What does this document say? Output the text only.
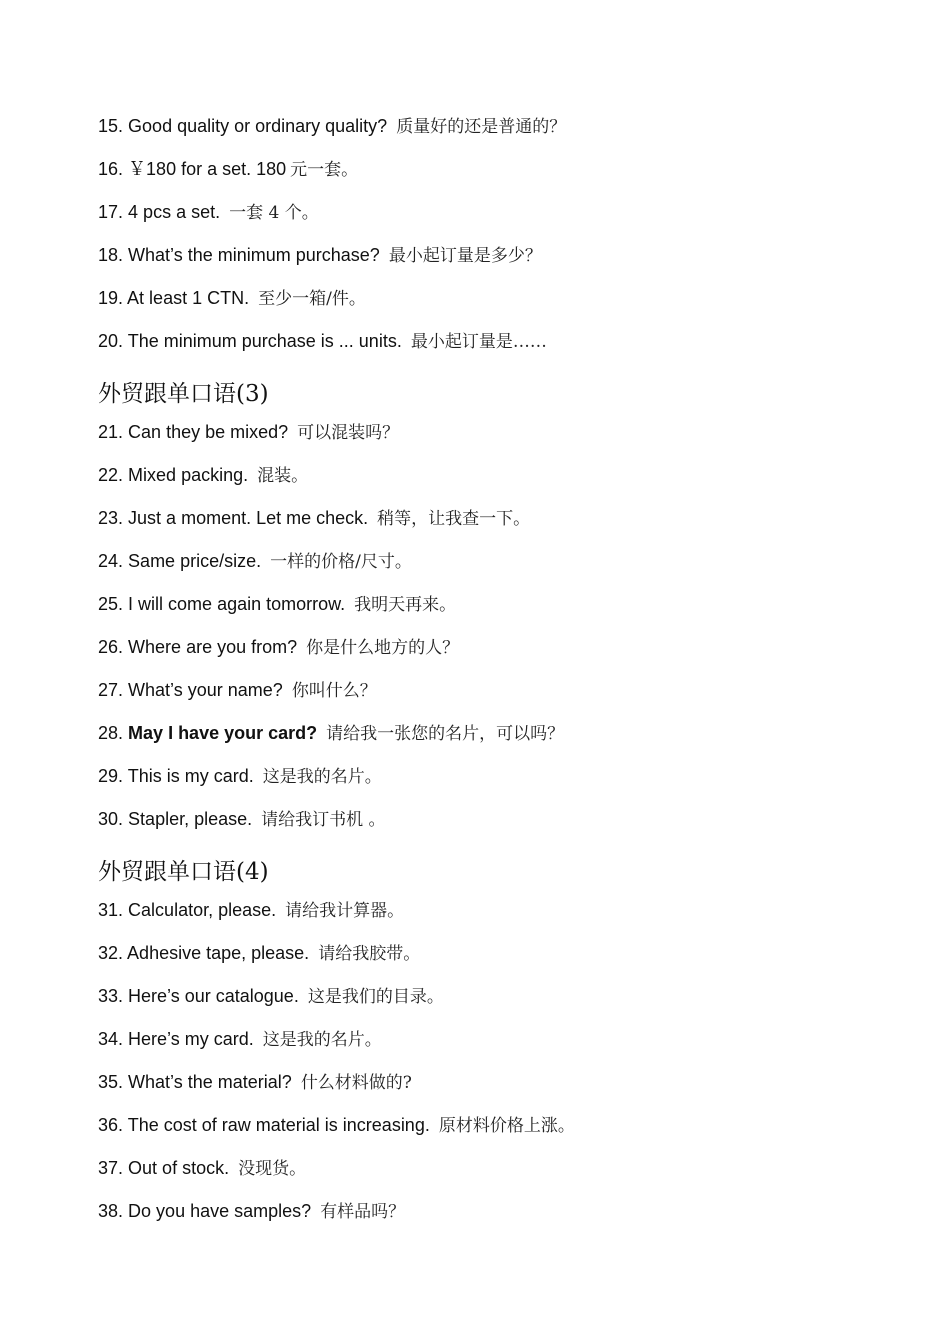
15. Good quality or ordinary quality? 质量好的还是普通的？
16. ￥180 for a set. 180 元一套。
17. 4 pcs a set. 一套 4 个。
18. What’s the minimum purchase? 最小起订量是多少？
19. At least 1 CTN. 至少一箱/件。
20. The minimum purchase is ... units. 最小起订量是……
外贸跟单口语(3)
21. Can they be mixed? 可以混装吗？
22. Mixed packing. 混装。
23. Just a moment. Let me check. 稍等，让我查一下。
24. Same price/size. 一样的价格/尺寸。
25. I will come again tomorrow. 我明天再来。
26. Where are you from? 你是什么地方的人？
27. What’s your name? 你叫什么？
28. May I have your card? 请给我一张您的名片，可以吗？
29. This is my card. 这是我的名片。
30. Stapler, please. 请给我订书机 。
外贸跟单口语(4)
31. Calculator, please. 请给我计算器。
32. Adhesive tape, please. 请给我胶带。
33. Here’s our catalogue. 这是我们的目录。
34. Here’s my card. 这是我的名片。
35. What’s the material? 什么材料做的?
36. The cost of raw material is increasing. 原材料价格上涨。
37. Out of stock. 没现货。
38. Do you have samples? 有样品吗？
